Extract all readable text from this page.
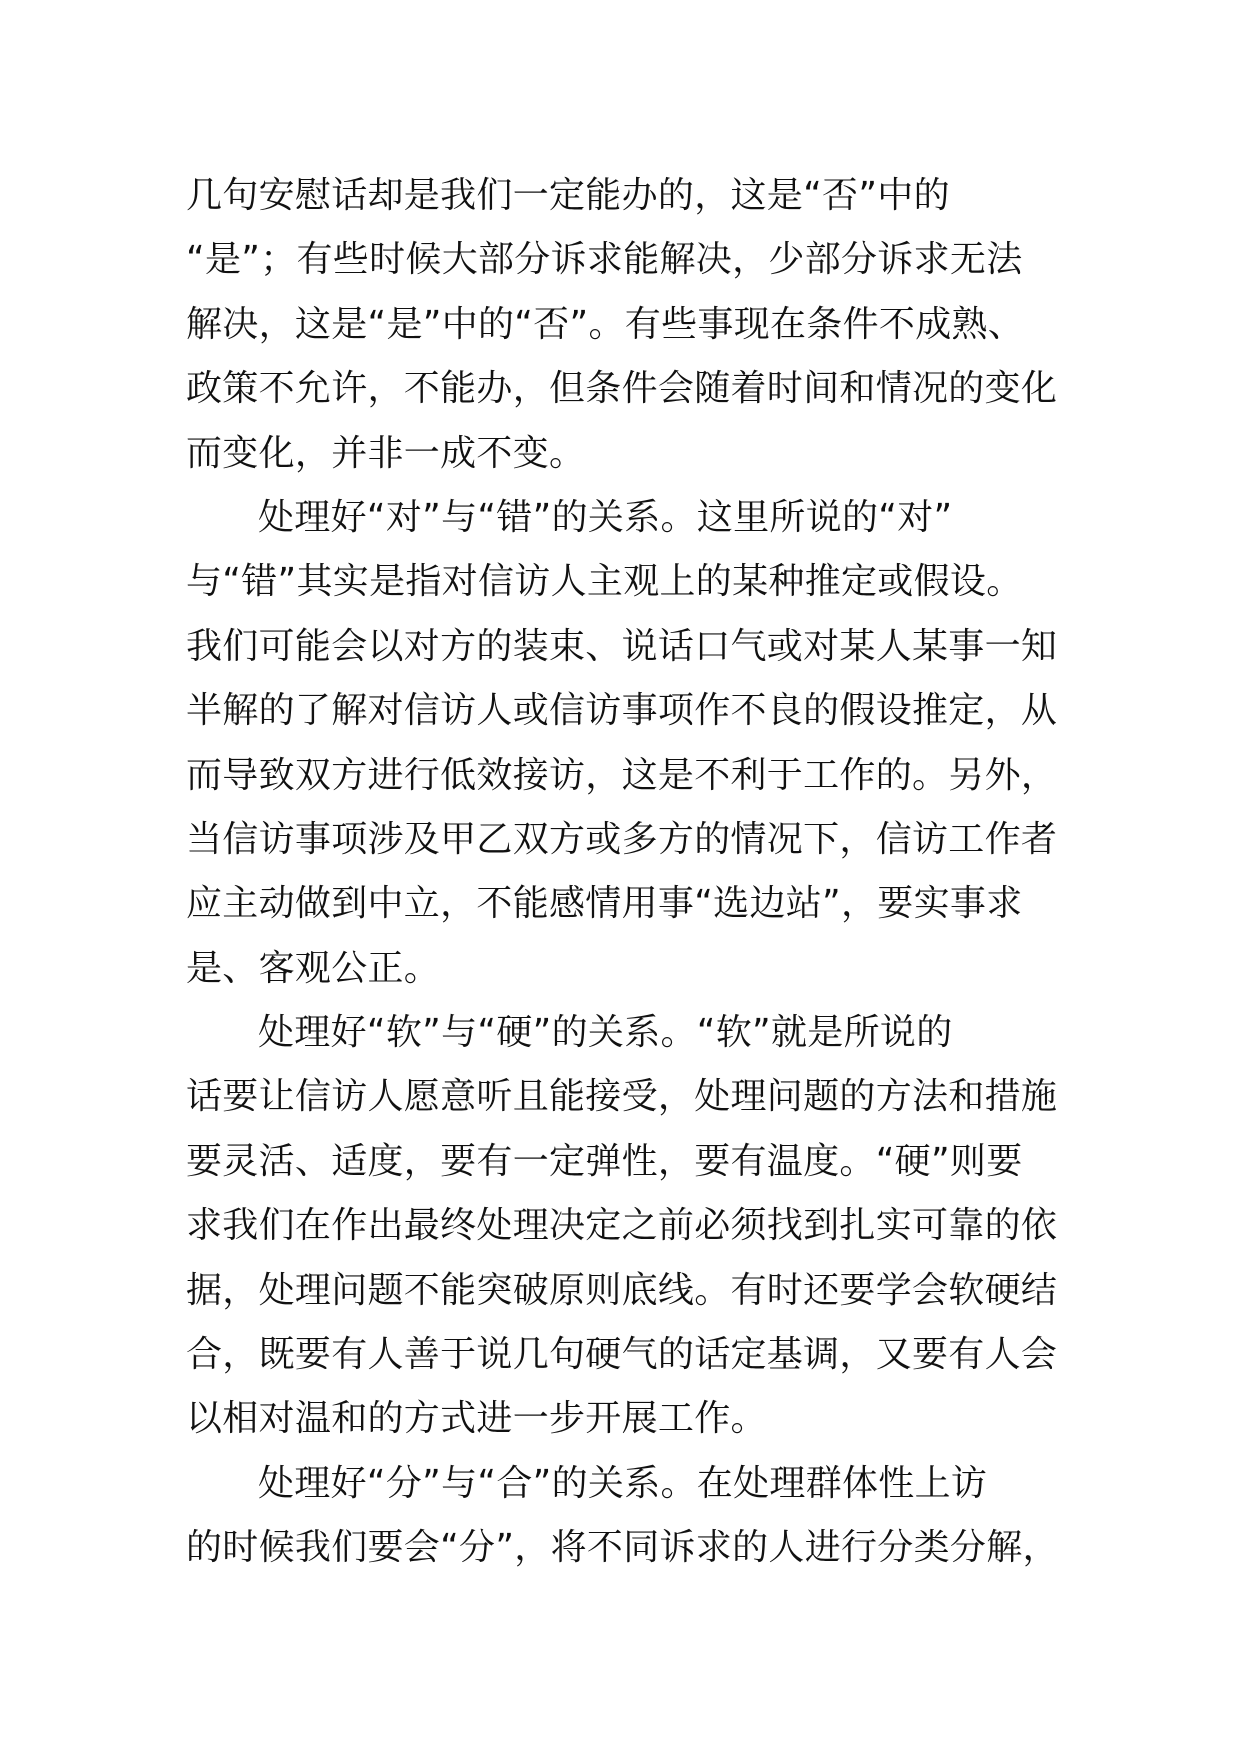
几句安慰话却是我们一定能办的，这是“否”中的
“是”；有些时候大部分诉求能解决，少部分诉求无法
解决，这是“是”中的“否”。有些事现在条件不成熟、
政策不允许，不能办，但条件会随着时间和情况的变化
而变化，并非一成不变。
处理好“对”与“错”的关系。这里所说的“对”
与“错”其实是指对信访人主观上的某种推定或假设。
我们可能会以对方的装束、说话口气或对某人某事一知
半解的了解对信访人或信访事项作不良的假设推定，从
而导致双方进行低效接访，这是不利于工作的。另外，
当信访事项涉及甲乙双方或多方的情况下，信访工作者
应主动做到中立，不能感情用事“选边站”，要实事求
是、客观公正。
处理好“软”与“硬”的关系。“软”就是所说的
话要让信访人愿意听且能接受，处理问题的方法和措施
要灵活、适度，要有一定弹性，要有温度。“硬”则要
求我们在作出最终处理决定之前必须找到扎实可靠的依
据，处理问题不能突破原则底线。有时还要学会软硬结
合，既要有人善于说几句硬气的话定基调，又要有人会
以相对温和的方式进一步开展工作。
处理好“分”与“合”的关系。在处理群体性上访
的时候我们要会“分”，将不同诉求的人进行分类分解，
